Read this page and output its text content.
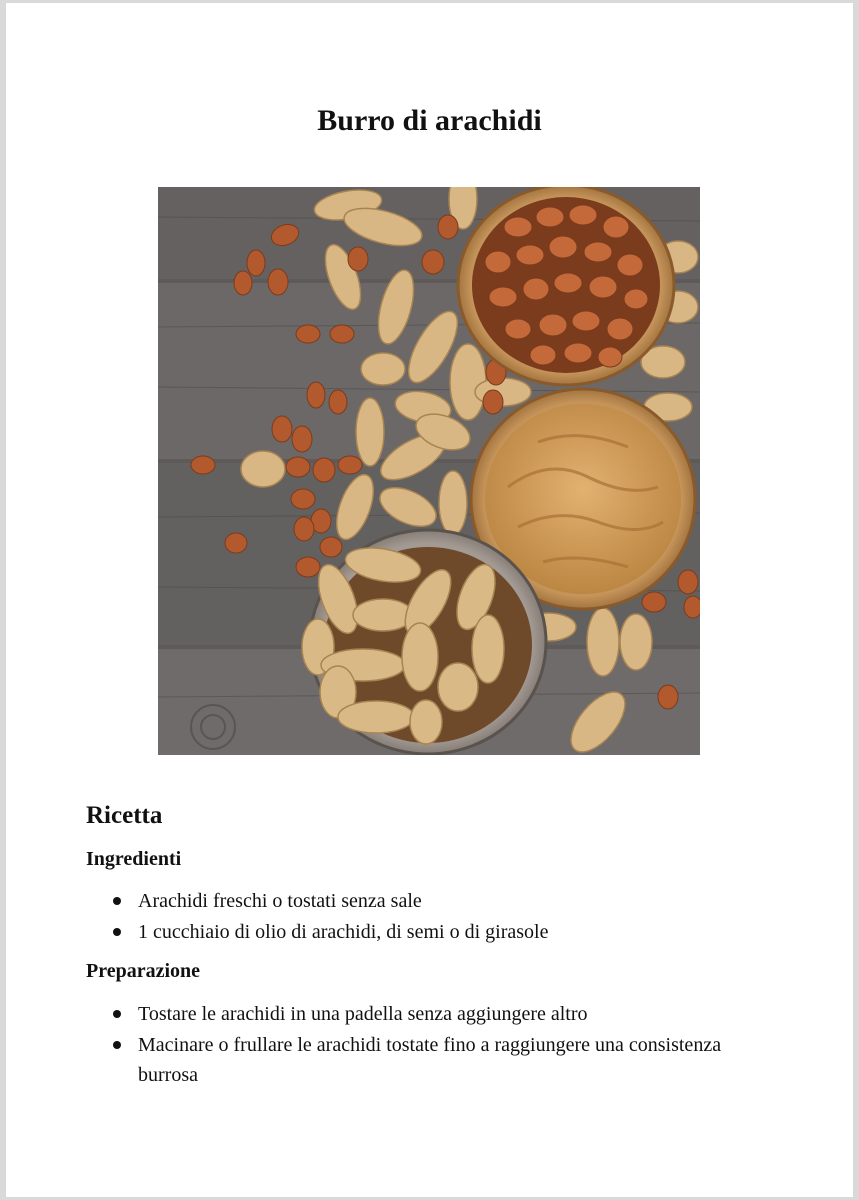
Burro di arachidi
Ricetta
Ingredienti
Arachidi freschi o tostati senza sale
1 cucchiaio di olio di arachidi, di semi o di girasole
Preparazione
Tostare le arachidi in una padella senza aggiungere altro
Macinare o frullare le arachidi tostate fino a raggiungere una consistenza burrosa
